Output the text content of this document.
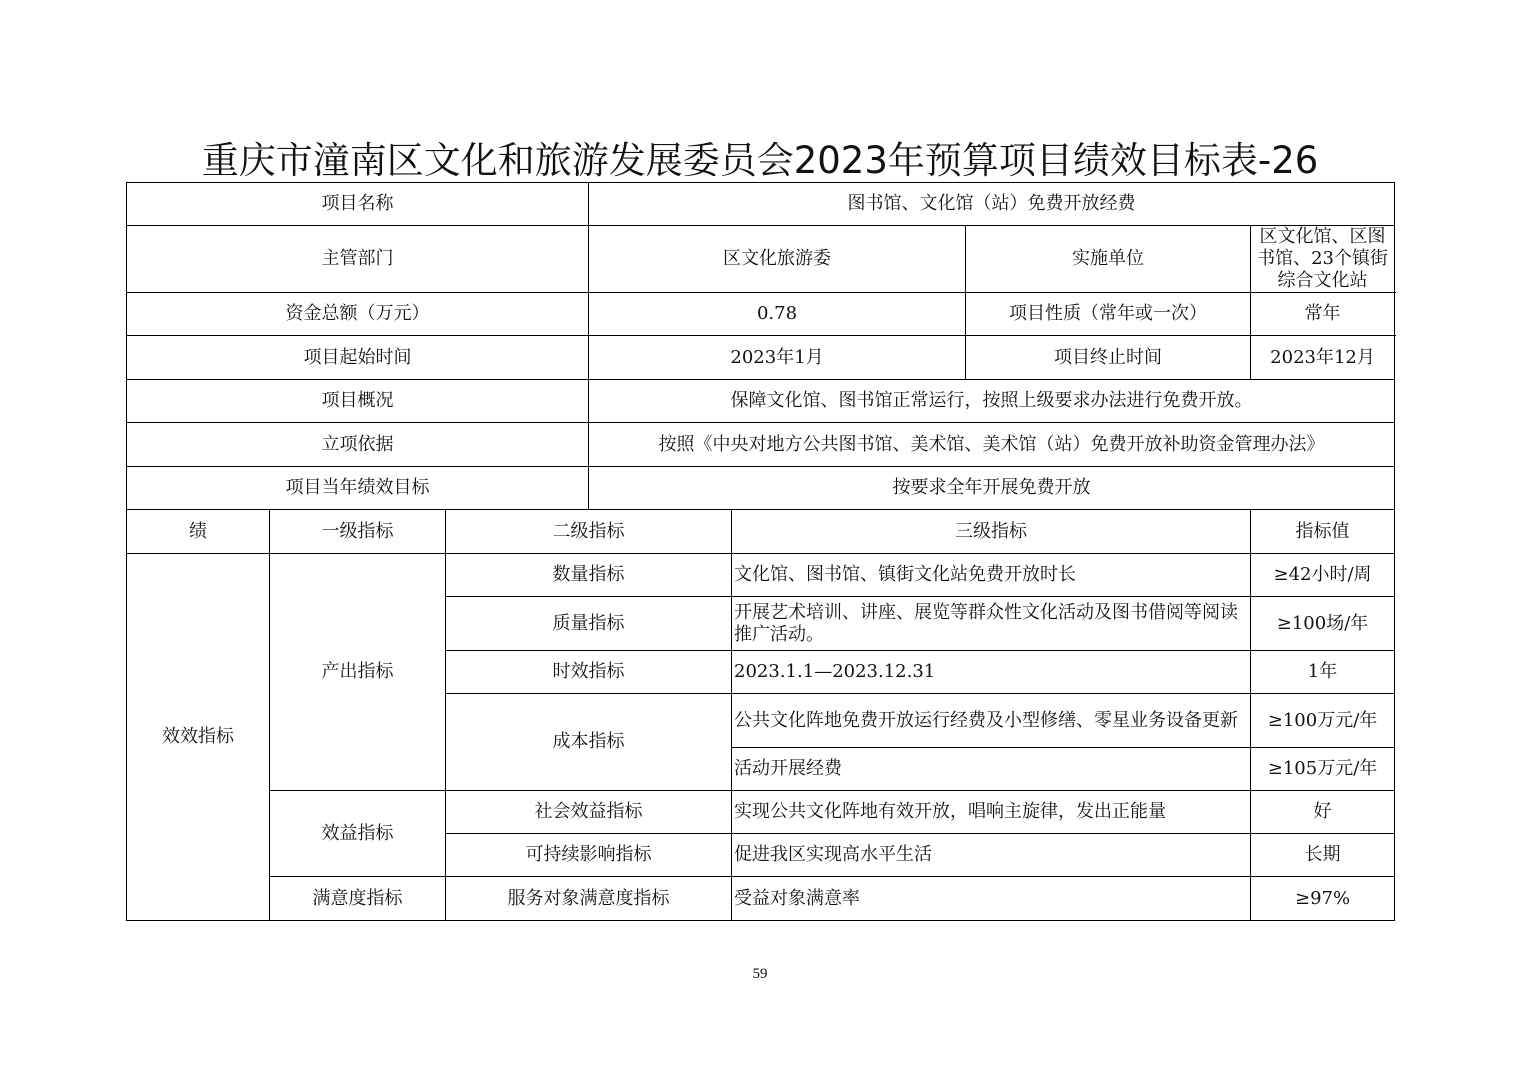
重庆市潼南区文化和旅游发展委员会2023年预算项目绩效目标表-26
项目名称			图书馆、文化馆（站）免费开放经费			
主管部门			区文化旅游委		实施单位	区文化馆、区图书馆、23个镇街综合文化站
资金总额（万元）			0.78		项目性质（常年或一次）	常年
项目起始时间			2023年1月		项目终止时间	2023年12月
项目概况			保障文化馆、图书馆正常运行，按照上级要求办法进行免费开放。			
立项依据			按照《中央对地方公共图书馆、美术馆、美术馆（站）免费开放补助资金管理办法》			
项目当年绩效目标			按要求全年开展免费开放			
绩	一级指标	二级指标		三级指标		指标值
效效指标	产出指标	数量指标		文化馆、图书馆、镇街文化站免费开放时长		≥42小时/周
		质量指标		开展艺术培训、讲座、展览等群众性文化活动及图书借阅等阅读推广活动。		≥100场/年
		时效指标		2023.1.1—2023.12.31		1年
		成本指标		公共文化阵地免费开放运行经费及小型修缮、零星业务设备更新		≥100万元/年
				活动开展经费		≥105万元/年
	效益指标	社会效益指标		实现公共文化阵地有效开放，唱响主旋律，发出正能量		好
		可持续影响指标		促进我区实现高水平生活		长期
	满意度指标	服务对象满意度指标		受益对象满意率		≥97%
59
